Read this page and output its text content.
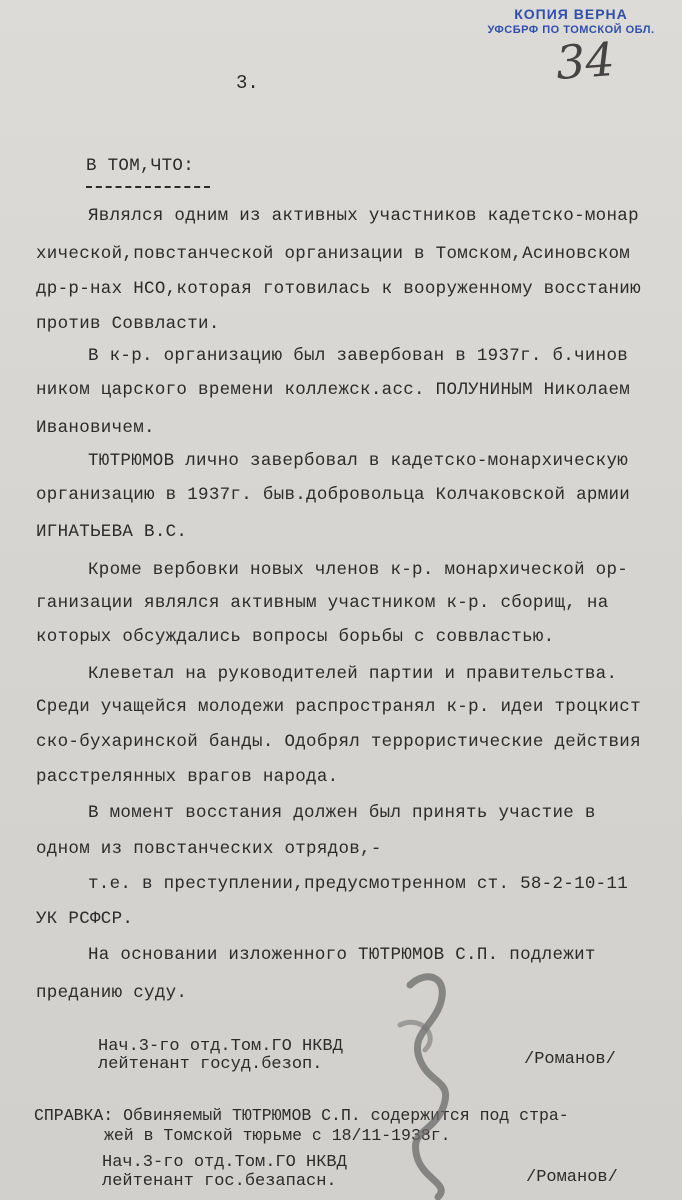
КОПИЯ ВЕРНА
УФСБРФ ПО ТОМСКОЙ ОБЛ.
34
3.
В ТОМ,ЧТО:
Являлся одним из активных участников кадетско-монар
хической,повстанческой организации в Томском,Асиновском
др-р-нах НСО,которая готовилась к вооруженному восстанию
против Соввласти.
В к-р. организацию был завербован в 1937г. б.чинов
ником царского времени коллежск.асс. ПОЛУНИНЫМ Николаем
Ивановичем.
ТЮТРЮМОВ лично завербовал в кадетско-монархическую
организацию в 1937г. быв.добровольца Колчаковской армии
ИГНАТЬЕВА В.С.
Кроме вербовки новых членов к-р. монархической ор-
ганизации являлся активным участником к-р. сборищ, на
которых обсуждались вопросы борьбы с соввластью.
Клеветал на руководителей партии и правительства.
Среди учащейся молодежи распространял к-р. идеи троцкист
ско-бухаринской банды. Одобрял террористические действия
расстрелянных врагов народа.
В момент восстания должен был принять участие в
одном из повстанческих отрядов,-
т.е. в преступлении,предусмотренном ст. 58-2-10-11
УК РСФСР.
На основании изложенного ТЮТРЮМОВ С.П. подлежит
преданию суду.
Нач.3-го отд.Том.ГО НКВД
лейтенант госуд.безоп.	/Романов/
СПРАВКА: Обвиняемый ТЮТРЮМОВ С.П. содержится под стра-
жей в Томской тюрьме с 18/11-1938г.
Нач.3-го отд.Том.ГО НКВД
лейтенант гос.безапасн.	/Романов/
